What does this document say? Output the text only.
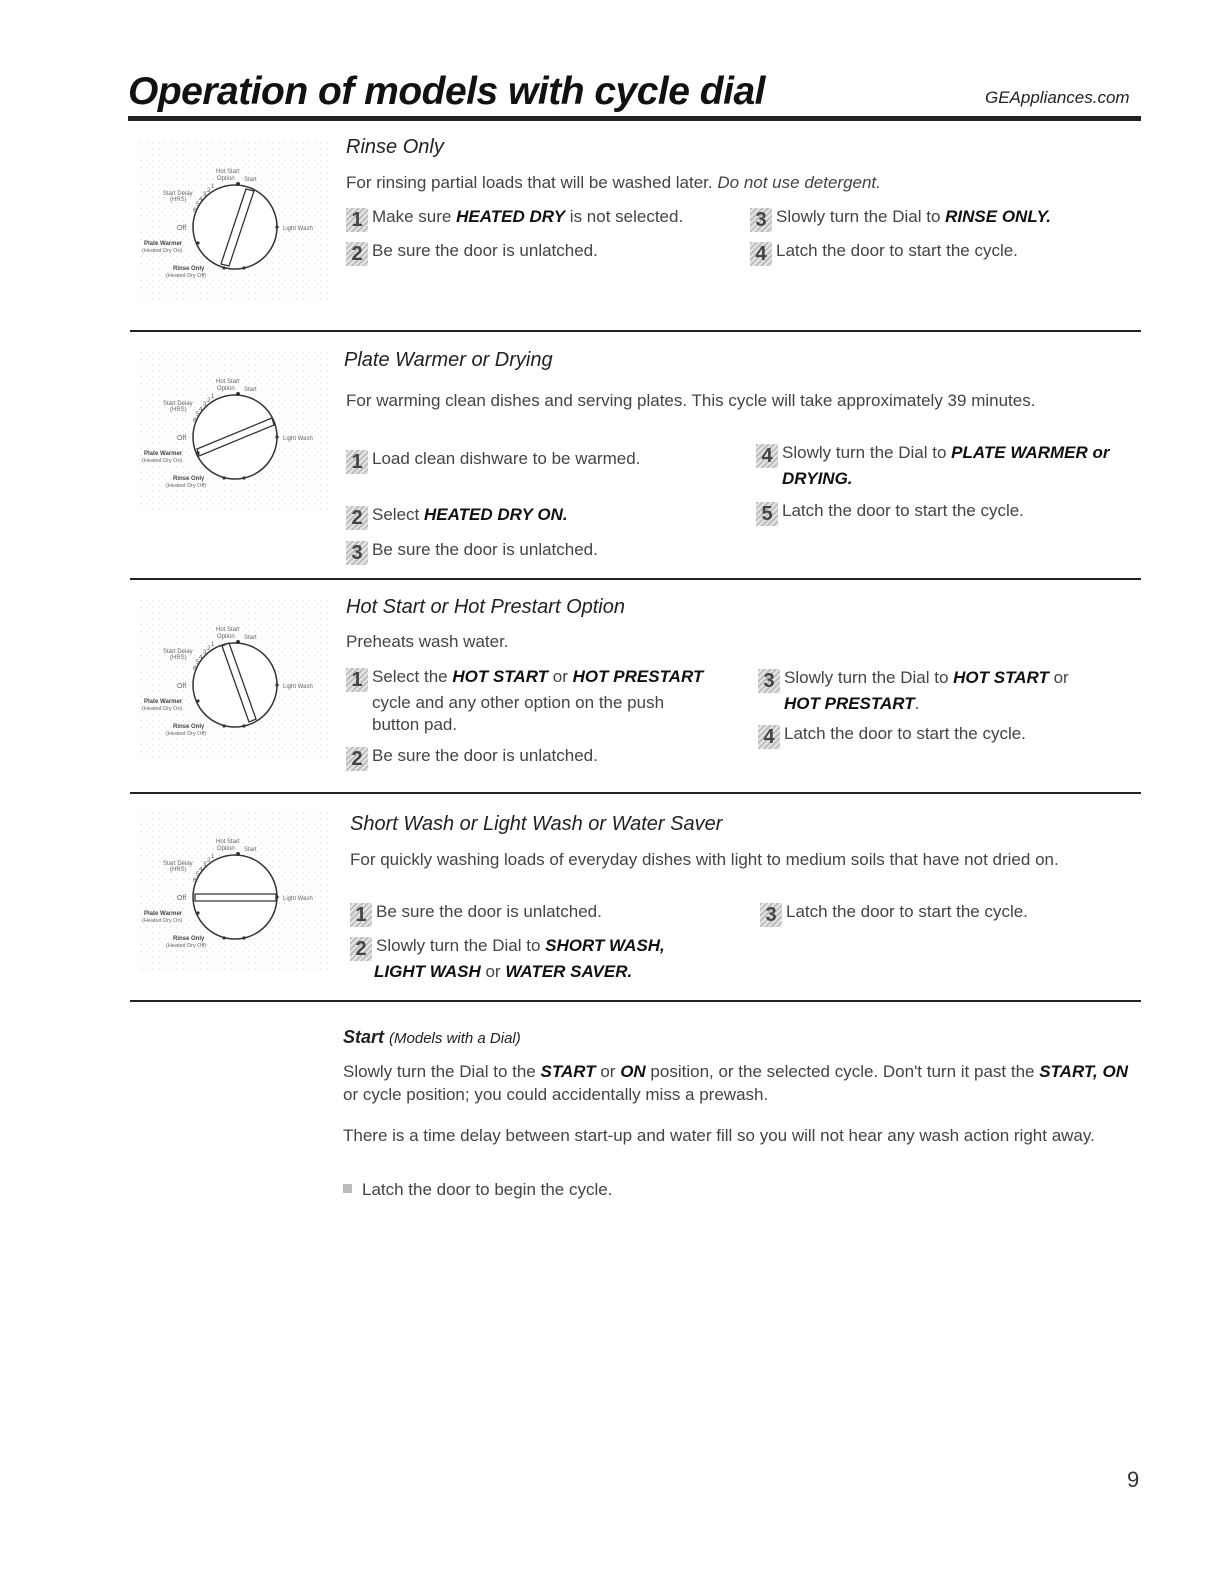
Operation of models with cycle dial	GEAppliances.com
Hot Start
Option Start
Start Delay
(HRS)
Off	Light Wash
Plate Warmer
(Heated Dry On)
Rinse Only
(Heated Dry Off)
1
2
3
4
5
6
Rinse Only
For rinsing partial loads that will be washed later. Do not use detergent.
1 Make sure HEATED DRY is not selected.
2 Be sure the door is unlatched.
3 Slowly turn the Dial to RINSE ONLY.
4 Latch the door to start the cycle.
Hot Start
Option Start
Start Delay
(HRS)
Off	Light Wash
Plate Warmer
(Heated Dry On)
Rinse Only
(Heated Dry Off)
1
2
3
4
5
6
Plate Warmer or Drying
For warming clean dishes and serving plates. This cycle will take approximately 39 minutes.
1 Load clean dishware to be warmed.
2 Select HEATED DRY ON.
3 Be sure the door is unlatched.
4 Slowly turn the Dial to PLATE WARMER or
DRYING.
5 Latch the door to start the cycle.
Hot Start
Option Start
Start Delay
(HRS)
Off	Light Wash
Plate Warmer
(Heated Dry On)
Rinse Only
(Heated Dry Off)
1
2
3
4
5
6
Hot Start or Hot Prestart Option
Preheats wash water.
1 Select the HOT START or HOT PRESTART
cycle and any other option on the push
button pad.
2 Be sure the door is unlatched.
3 Slowly turn the Dial to HOT START or
HOT PRESTART.
4 Latch the door to start the cycle.
Hot Start
Option Start
Start Delay
(HRS)
Off	Light Wash
Plate Warmer
(Heated Dry On)
Rinse Only
(Heated Dry Off)
1
2
3
4
5
6
Short Wash or Light Wash or Water Saver
For quickly washing loads of everyday dishes with light to medium soils that have not dried on.
1 Be sure the door is unlatched.
2 Slowly turn the Dial to SHORT WASH,
LIGHT WASH or WATER SAVER.
3 Latch the door to start the cycle.
Start (Models with a Dial)
Slowly turn the Dial to the START or ON position, or the selected cycle. Don't turn it past the START, ON or cycle position; you could accidentally miss a prewash.
There is a time delay between start-up and water fill so you will not hear any wash action right away.
Latch the door to begin the cycle.
9
